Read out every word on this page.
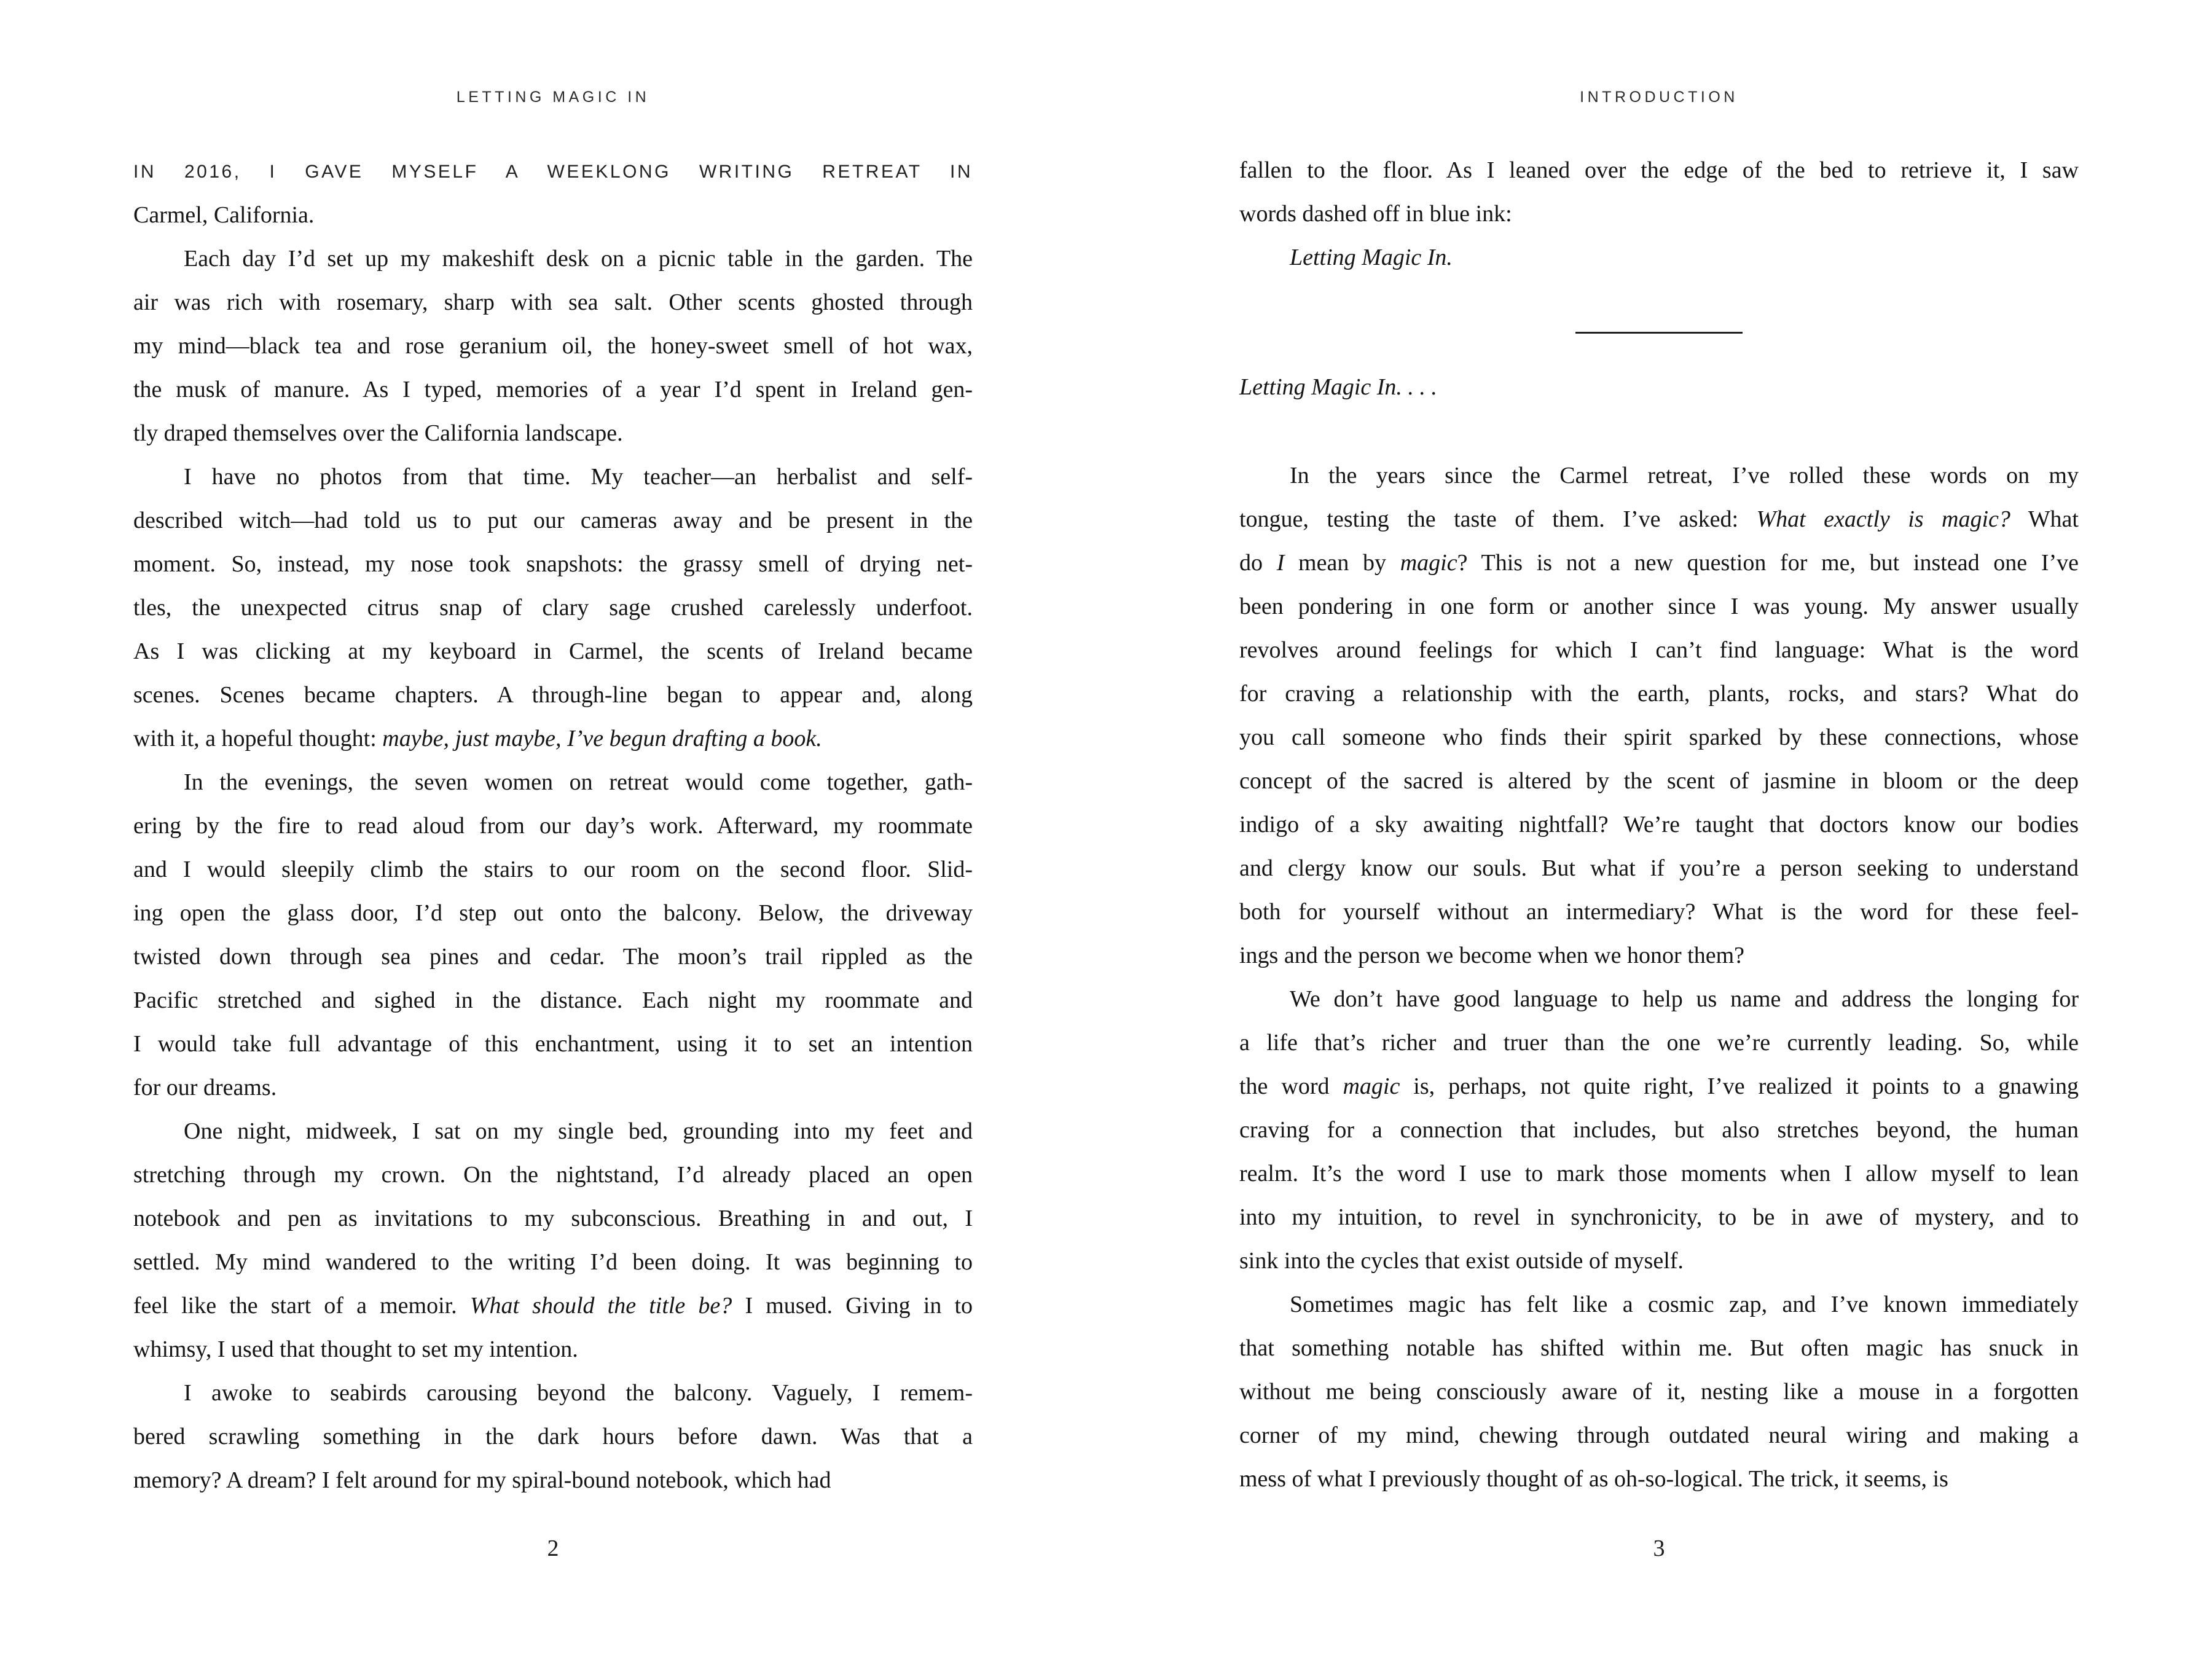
LETTING MAGIC IN
IN 2016, I GAVE MYSELF A WEEKLONG WRITING RETREAT IN
Carmel, California.
Each day I’d set up my makeshift desk on a picnic table in the garden. The
air was rich with rosemary, sharp with sea salt. Other scents ghosted through
my mind—black tea and rose geranium oil, the honey-sweet smell of hot wax,
the musk of manure. As I typed, memories of a year I’d spent in Ireland gen-
tly draped themselves over the California landscape.
I have no photos from that time. My teacher—an herbalist and self-
described witch—had told us to put our cameras away and be present in the
moment. So, instead, my nose took snapshots: the grassy smell of drying net-
tles, the unexpected citrus snap of clary sage crushed carelessly underfoot.
As I was clicking at my keyboard in Carmel, the scents of Ireland became
scenes. Scenes became chapters. A through-line began to appear and, along
with it, a hopeful thought: maybe, just maybe, I’ve begun drafting a book.
In the evenings, the seven women on retreat would come together, gath-
ering by the fire to read aloud from our day’s work. Afterward, my roommate
and I would sleepily climb the stairs to our room on the second floor. Slid-
ing open the glass door, I’d step out onto the balcony. Below, the driveway
twisted down through sea pines and cedar. The moon’s trail rippled as the
Pacific stretched and sighed in the distance. Each night my roommate and
I would take full advantage of this enchantment, using it to set an intention
for our dreams.
One night, midweek, I sat on my single bed, grounding into my feet and
stretching through my crown. On the nightstand, I’d already placed an open
notebook and pen as invitations to my subconscious. Breathing in and out, I
settled. My mind wandered to the writing I’d been doing. It was beginning to
feel like the start of a memoir. What should the title be? I mused. Giving in to
whimsy, I used that thought to set my intention.
I awoke to seabirds carousing beyond the balcony. Vaguely, I remem-
bered scrawling something in the dark hours before dawn. Was that a
memory? A dream? I felt around for my spiral-bound notebook, which had
2
INTRODUCTION
fallen to the floor. As I leaned over the edge of the bed to retrieve it, I saw
words dashed off in blue ink:
Letting Magic In.
Letting Magic In. . . .
In the years since the Carmel retreat, I’ve rolled these words on my
tongue, testing the taste of them. I’ve asked: What exactly is magic? What
do I mean by magic? This is not a new question for me, but instead one I’ve
been pondering in one form or another since I was young. My answer usually
revolves around feelings for which I can’t find language: What is the word
for craving a relationship with the earth, plants, rocks, and stars? What do
you call someone who finds their spirit sparked by these connections, whose
concept of the sacred is altered by the scent of jasmine in bloom or the deep
indigo of a sky awaiting nightfall? We’re taught that doctors know our bodies
and clergy know our souls. But what if you’re a person seeking to understand
both for yourself without an intermediary? What is the word for these feel-
ings and the person we become when we honor them?
We don’t have good language to help us name and address the longing for
a life that’s richer and truer than the one we’re currently leading. So, while
the word magic is, perhaps, not quite right, I’ve realized it points to a gnawing
craving for a connection that includes, but also stretches beyond, the human
realm. It’s the word I use to mark those moments when I allow myself to lean
into my intuition, to revel in synchronicity, to be in awe of mystery, and to
sink into the cycles that exist outside of myself.
Sometimes magic has felt like a cosmic zap, and I’ve known immediately
that something notable has shifted within me. But often magic has snuck in
without me being consciously aware of it, nesting like a mouse in a forgotten
corner of my mind, chewing through outdated neural wiring and making a
mess of what I previously thought of as oh-so-logical. The trick, it seems, is
3
